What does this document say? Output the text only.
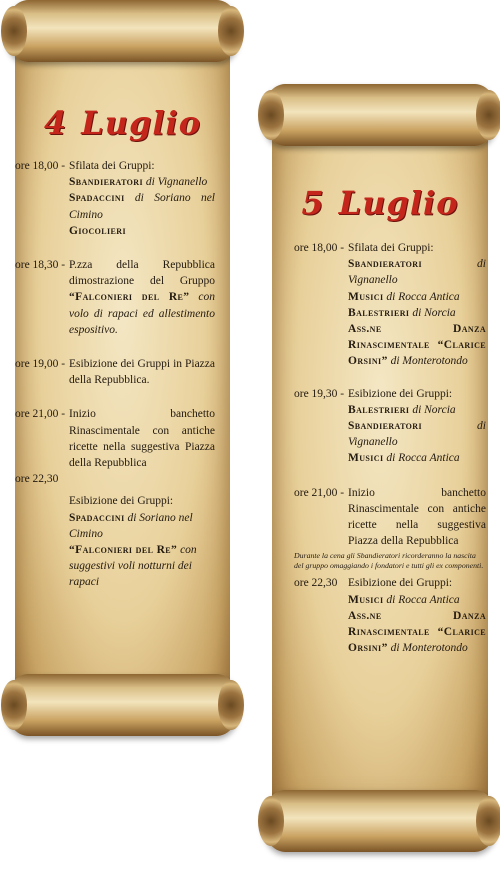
4 Luglio
ore 18,00 - Sfilata dei Gruppi:
Sbandieratori di Vignanello
Spadaccini di Soriano nel Cimino
Giocolieri
ore 18,30 - P.zza della Repubblica dimostrazione del Gruppo “Falconieri del Re” con volo di rapaci ed allestimento espositivo.
ore 19,00 - Esibizione dei Gruppi in Piazza della Repubblica.
ore 21,00 - Inizio banchetto Rinascimentale con antiche ricette nella suggestiva Piazza della Repubblica
ore 22,30
Esibizione dei Gruppi:
Spadaccini di Soriano nel Cimino
“Falconieri del Re” con suggestivi voli notturni dei rapaci
5 Luglio
ore 18,00 - Sfilata dei Gruppi:
Sbandieratori	di Vignanello
Musici di Rocca Antica
Balestrieri di Norcia
Ass.ne Danza Rinascimentale “Clarice Orsini” di Monterotondo
ore 19,30 - Esibizione dei Gruppi:
Balestrieri di Norcia
Sbandieratori	di Vignanello
Musici di Rocca Antica
ore 21,00 - Inizio banchetto Rinascimentale con antiche ricette nella suggestiva Piazza della Repubblica
Durante la cena gli Sbandieratori ricorderanno la nascita del gruppo omaggiando i fondatori e tutti gli ex componenti.
ore 22,30 Esibizione dei Gruppi:
Musici di Rocca Antica
Ass.ne Danza Rinascimentale “Clarice Orsini” di Monterotondo
